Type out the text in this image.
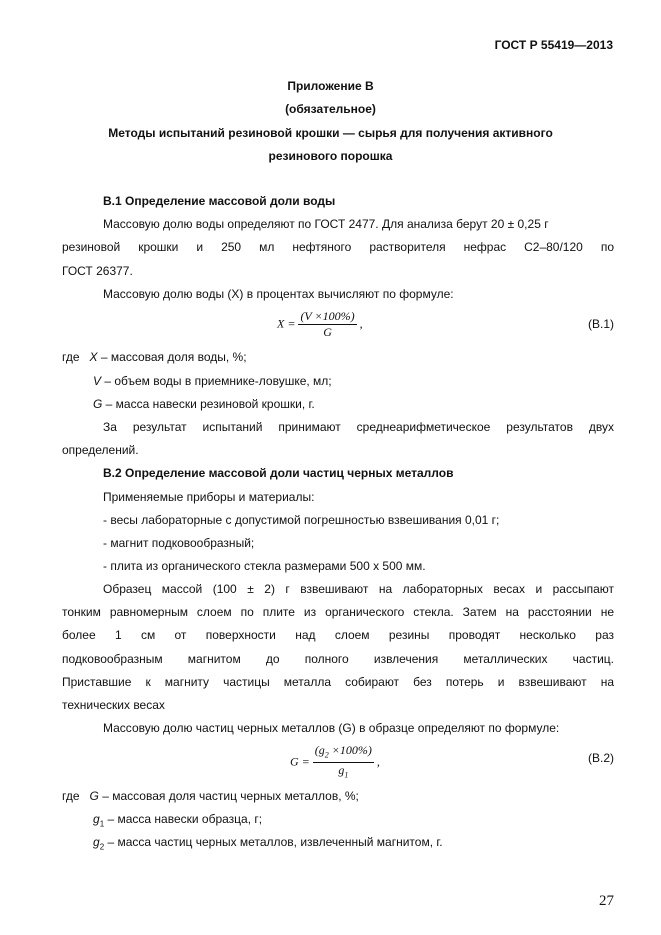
ГОСТ Р 55419—2013
Приложение В
(обязательное)
Методы испытаний резиновой крошки — сырья для получения активного
резинового порошка
В.1 Определение массовой доли воды
Массовую долю воды определяют по ГОСТ 2477. Для анализа берут 20 ± 0,25 г
резиновой крошки и 250 мл нефтяного растворителя нефрас С2–80/120 по
ГОСТ 26377.
Массовую долю воды (X) в процентах вычисляют по формуле:
$X = \frac{(V \times 100\%)}{G}$ ,	(В.1)
где X – массовая доля воды, %;
V – объем воды в приемнике-ловушке, мл;
G – масса навески резиновой крошки, г.
За результат испытаний принимают среднеарифметическое результатов двух
определений.
В.2 Определение массовой доли частиц черных металлов
Применяемые приборы и материалы:
- весы лабораторные с допустимой погрешностью взвешивания 0,01 г;
- магнит подковообразный;
- плита из органического стекла размерами 500 х 500 мм.
Образец массой (100 ± 2) г взвешивают на лабораторных весах и рассыпают
тонким равномерным слоем по плите из органического стекла. Затем на расстоянии не
более 1 см от поверхности над слоем резины проводят несколько раз
подковообразным магнитом до полного извлечения металлических частиц.
Приставшие к магниту частицы металла собирают без потерь и взвешивают на
технических весах
Массовую долю частиц черных металлов (G) в образце определяют по формуле:
$G = \frac{(g_2 \times 100\%)}{g_1}$ ,	(В.2)
где G – массовая доля частиц черных металлов, %;
$g_1$ – масса навески образца, г;
$g_2$ – масса частиц черных металлов, извлеченный магнитом, г.
27
